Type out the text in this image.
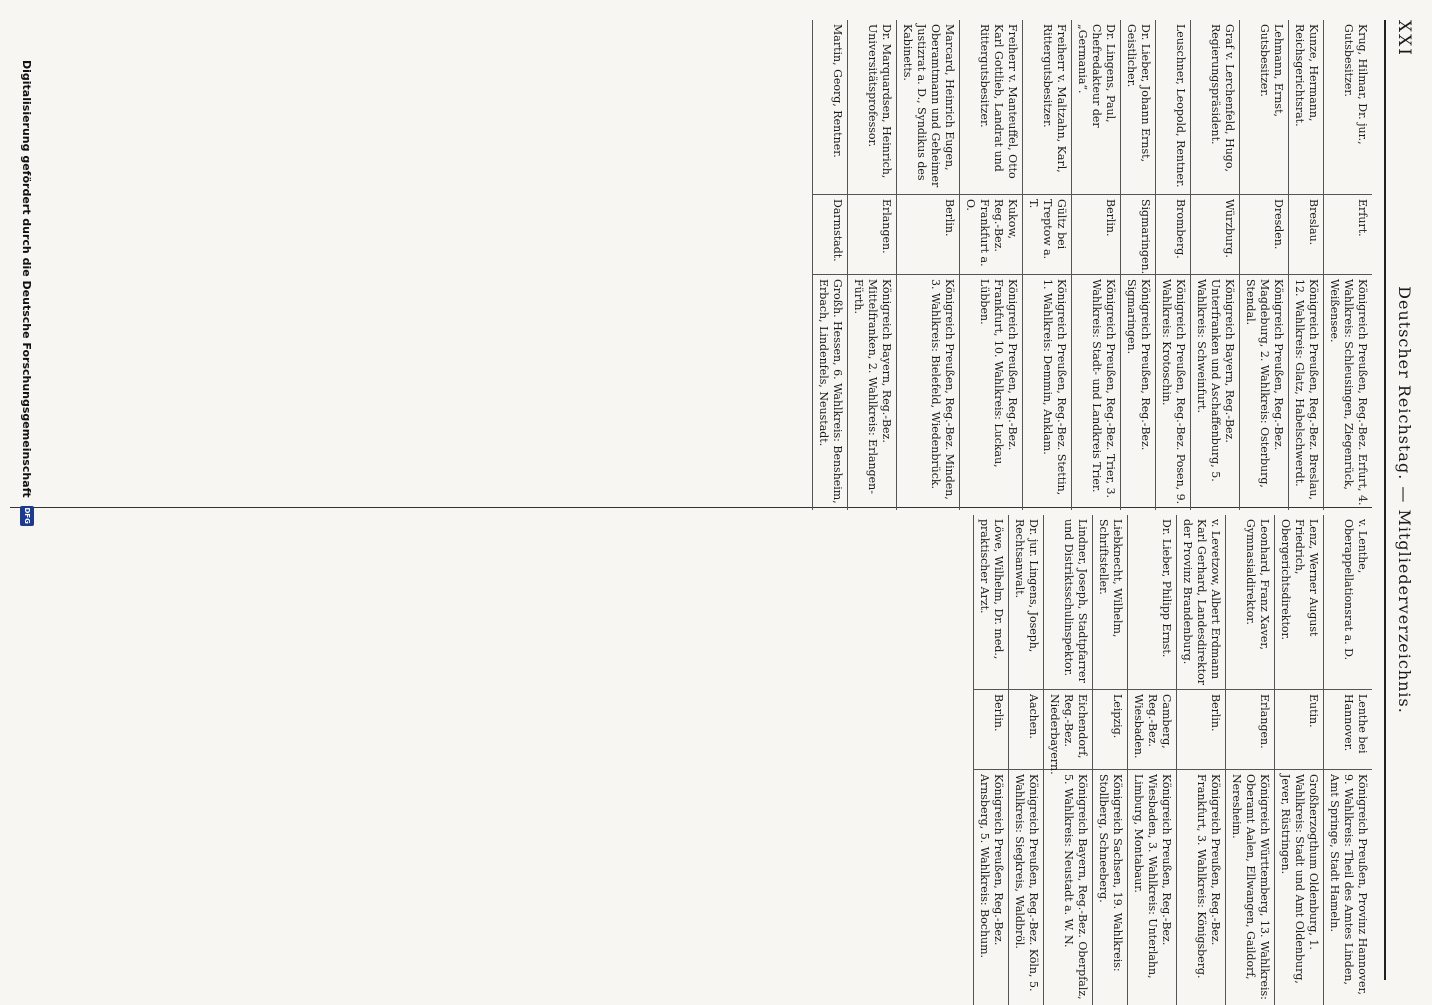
XXI
Deutscher Reichstag. — Mitgliederverzeichnis.
Krug, Hilmar, Dr. jur., Gutsbesitzer.
Erfurt.
Königreich Preußen, Reg.-Bez. Erfurt, 4. Wahlkreis: Schleusingen, Ziegenrück, Weißensee.
Kunze, Hermann, Reichsgerichtsrat.
Breslau.
Königreich Preußen, Reg.-Bez. Breslau, 12. Wahlkreis: Glatz, Habelschwerdt.
Lehmann, Ernst, Gutsbesitzer.
Dresden.
Königreich Preußen, Reg.-Bez. Magdeburg, 2. Wahlkreis: Osterburg, Stendal.
Graf v. Lerchenfeld, Hugo, Regierungspräsident.
Würzburg.
Königreich Bayern, Reg.-Bez. Unterfranken und Aschaffenburg, 5. Wahlkreis: Schweinfurt.
Leuschner, Leopold, Rentner.
Bromberg.
Königreich Preußen, Reg.-Bez. Posen, 9. Wahlkreis: Krotoschin.
Dr. Lieber, Johann Ernst, Geistlicher.
Sigmaringen.
Königreich Preußen, Reg.-Bez. Sigmaringen.
Dr. Lingens, Paul, Chefredakteur der „Germania“.
Berlin.
Königreich Preußen, Reg.-Bez. Trier, 3. Wahlkreis: Stadt- und Landkreis Trier.
Freiherr v. Maltzahn, Karl, Rittergutsbesitzer.
Gültz bei Treptow a. T.
Königreich Preußen, Reg.-Bez. Stettin, 1. Wahlkreis: Demmin, Anklam.
Freiherr v. Manteuffel, Otto Karl Gottlieb, Landrat und Rittergutsbesitzer.
Kukow, Reg.-Bez. Frankfurt a. O.
Königreich Preußen, Reg.-Bez. Frankfurt, 10. Wahlkreis: Luckau, Lübben.
Marcard, Heinrich Eugen, Oberamtmann und Geheimer Justizrat a. D., Syndikus des Kabinetts.
Berlin.
Königreich Preußen, Reg.-Bez. Minden, 3. Wahlkreis: Bielefeld, Wiedenbrück.
Dr. Marquardsen, Heinrich, Universitätsprofessor.
Erlangen.
Königreich Bayern, Reg.-Bez. Mittelfranken, 2. Wahlkreis: Erlangen-Fürth.
Martin, Georg, Rentner.
Darmstadt.
Großh. Hessen, 6. Wahlkreis: Bensheim, Erbach, Lindenfels, Neustadt.
v. Lenthe, Oberappellationsrat a. D.
Lenthe bei Hannover.
Königreich Preußen, Provinz Hannover, 9. Wahlkreis: Theil des Amtes Linden, Amt Springe, Stadt Hameln.
Lenz, Werner August Friedrich, Obergerichtsdirektor.
Eutin.
Großherzogthum Oldenburg, 1. Wahlkreis: Stadt und Amt Oldenburg, Jever, Rüstringen.
Leonhard, Franz Xaver, Gymnasialdirektor.
Erlangen.
Königreich Württemberg, 13. Wahlkreis: Oberamt Aalen, Ellwangen, Gaildorf, Neresheim.
v. Levetzow, Albert Erdmann Karl Gerhard, Landesdirektor der Provinz Brandenburg.
Berlin.
Königreich Preußen, Reg.-Bez. Frankfurt, 3. Wahlkreis: Königsberg.
Dr. Lieber, Philipp Ernst.
Camberg, Reg.-Bez. Wiesbaden.
Königreich Preußen, Reg.-Bez. Wiesbaden, 3. Wahlkreis: Unterlahn, Limburg, Montabaur.
Liebknecht, Wilhelm, Schriftsteller.
Leipzig.
Königreich Sachsen, 19. Wahlkreis: Stollberg, Schneeberg.
Lindner, Joseph, Stadtpfarrer und Distriktsschulinspektor.
Eichendorf, Reg.-Bez. Niederbayern.
Königreich Bayern, Reg.-Bez. Oberpfalz, 5. Wahlkreis: Neustadt a. W. N.
Dr. jur. Lingens, Joseph, Rechtsanwalt.
Aachen.
Königreich Preußen, Reg.-Bez. Köln, 5. Wahlkreis: Siegkreis, Waldbröl.
Löwe, Wilhelm, Dr. med., praktischer Arzt.
Berlin.
Königreich Preußen, Reg.-Bez. Arnsberg, 5. Wahlkreis: Bochum.
Digitalisierung gefördert durch die Deutsche Forschungsgemeinschaft
DFG
